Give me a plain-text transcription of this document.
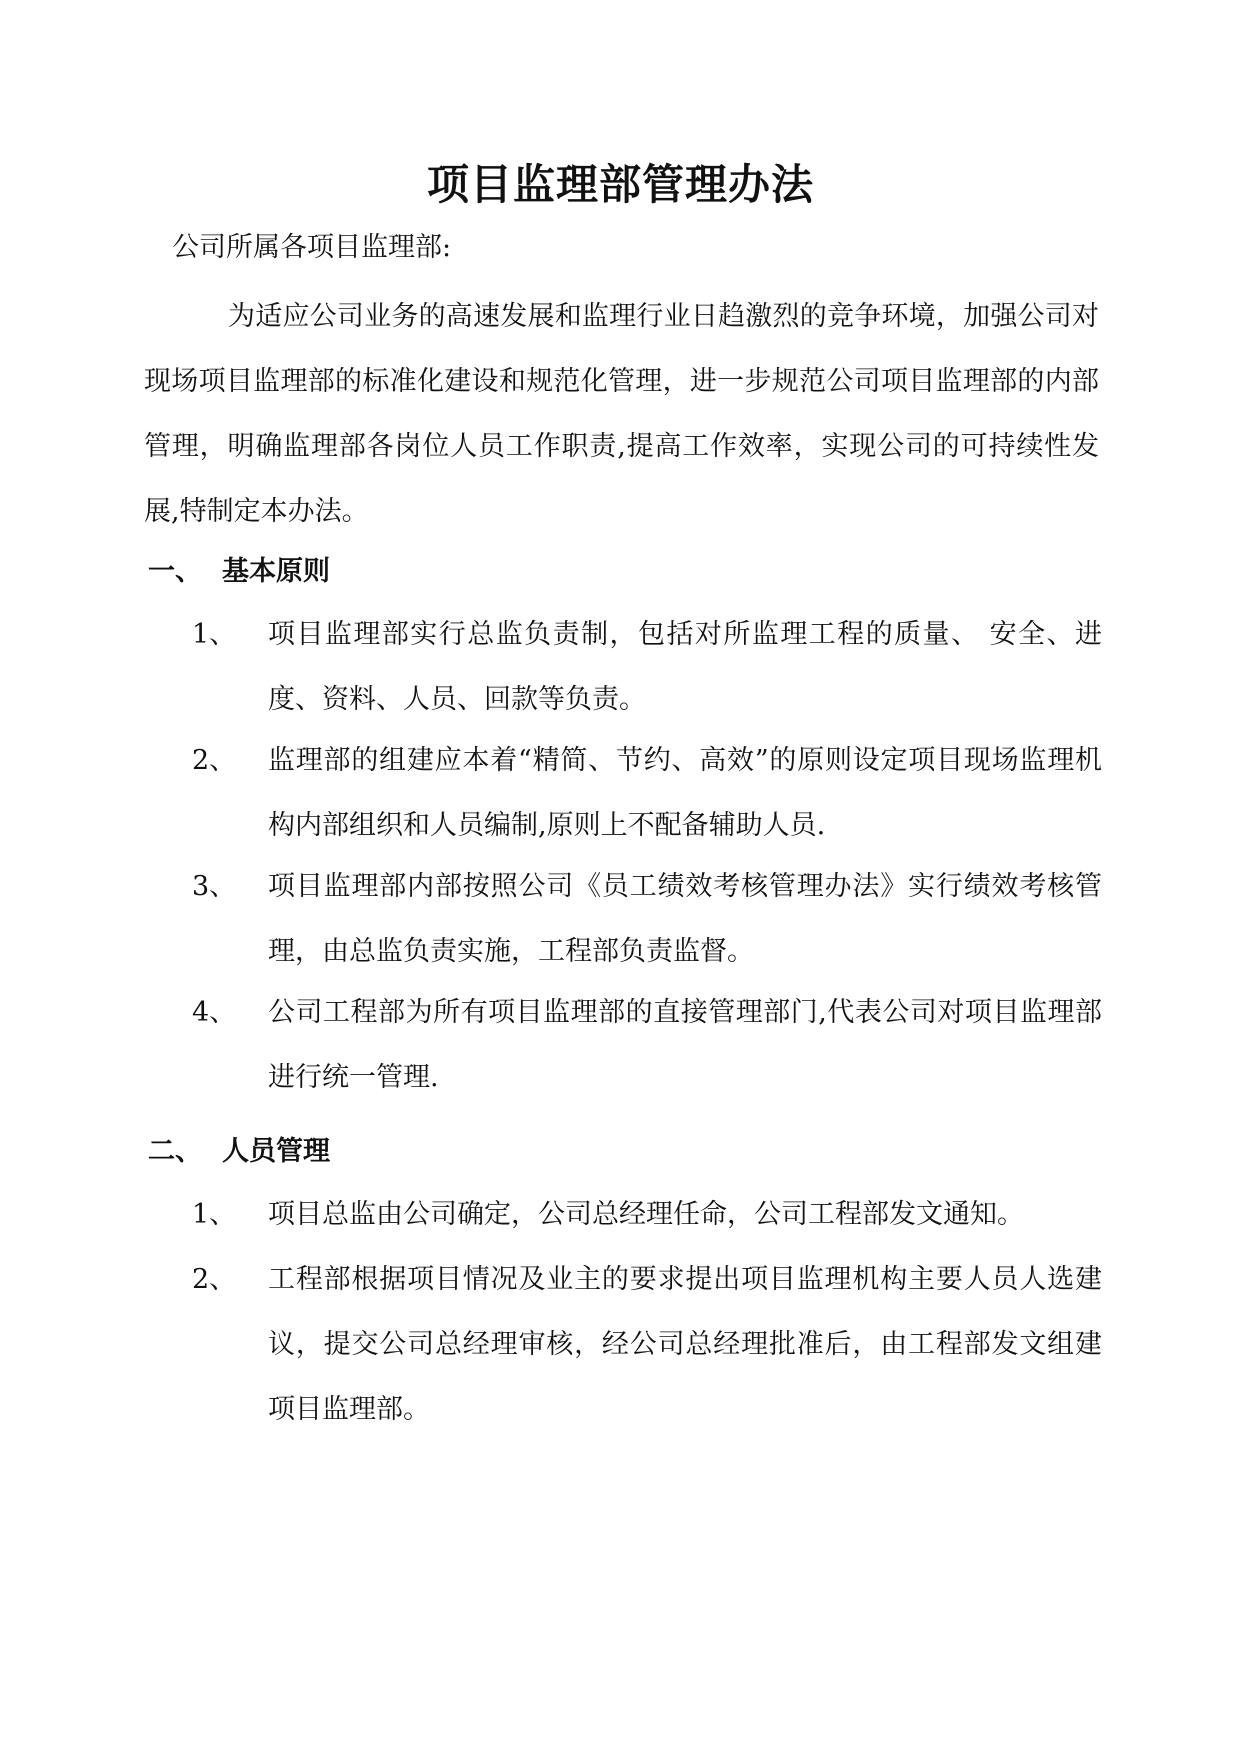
项目监理部管理办法
公司所属各项目监理部:
为适应公司业务的高速发展和监理行业日趋激烈的竞争环境，加强公司对现场项目监理部的标准化建设和规范化管理，进一步规范公司项目监理部的内部管理，明确监理部各岗位人员工作职责,提高工作效率，实现公司的可持续性发展,特制定本办法。
一、 基本原则
1、	项目监理部实行总监负责制，包括对所监理工程的质量、 安全、进度、资料、人员、回款等负责。
2、	监理部的组建应本着“精简、节约、高效”的原则设定项目现场监理机构内部组织和人员编制,原则上不配备辅助人员.
3、	项目监理部内部按照公司《员工绩效考核管理办法》实行绩效考核管理，由总监负责实施，工程部负责监督。
4、	公司工程部为所有项目监理部的直接管理部门,代表公司对项目监理部进行统一管理.
二、 人员管理
1、	项目总监由公司确定，公司总经理任命，公司工程部发文通知。
2、	工程部根据项目情况及业主的要求提出项目监理机构主要人员人选建议，提交公司总经理审核，经公司总经理批准后，由工程部发文组建项目监理部。
